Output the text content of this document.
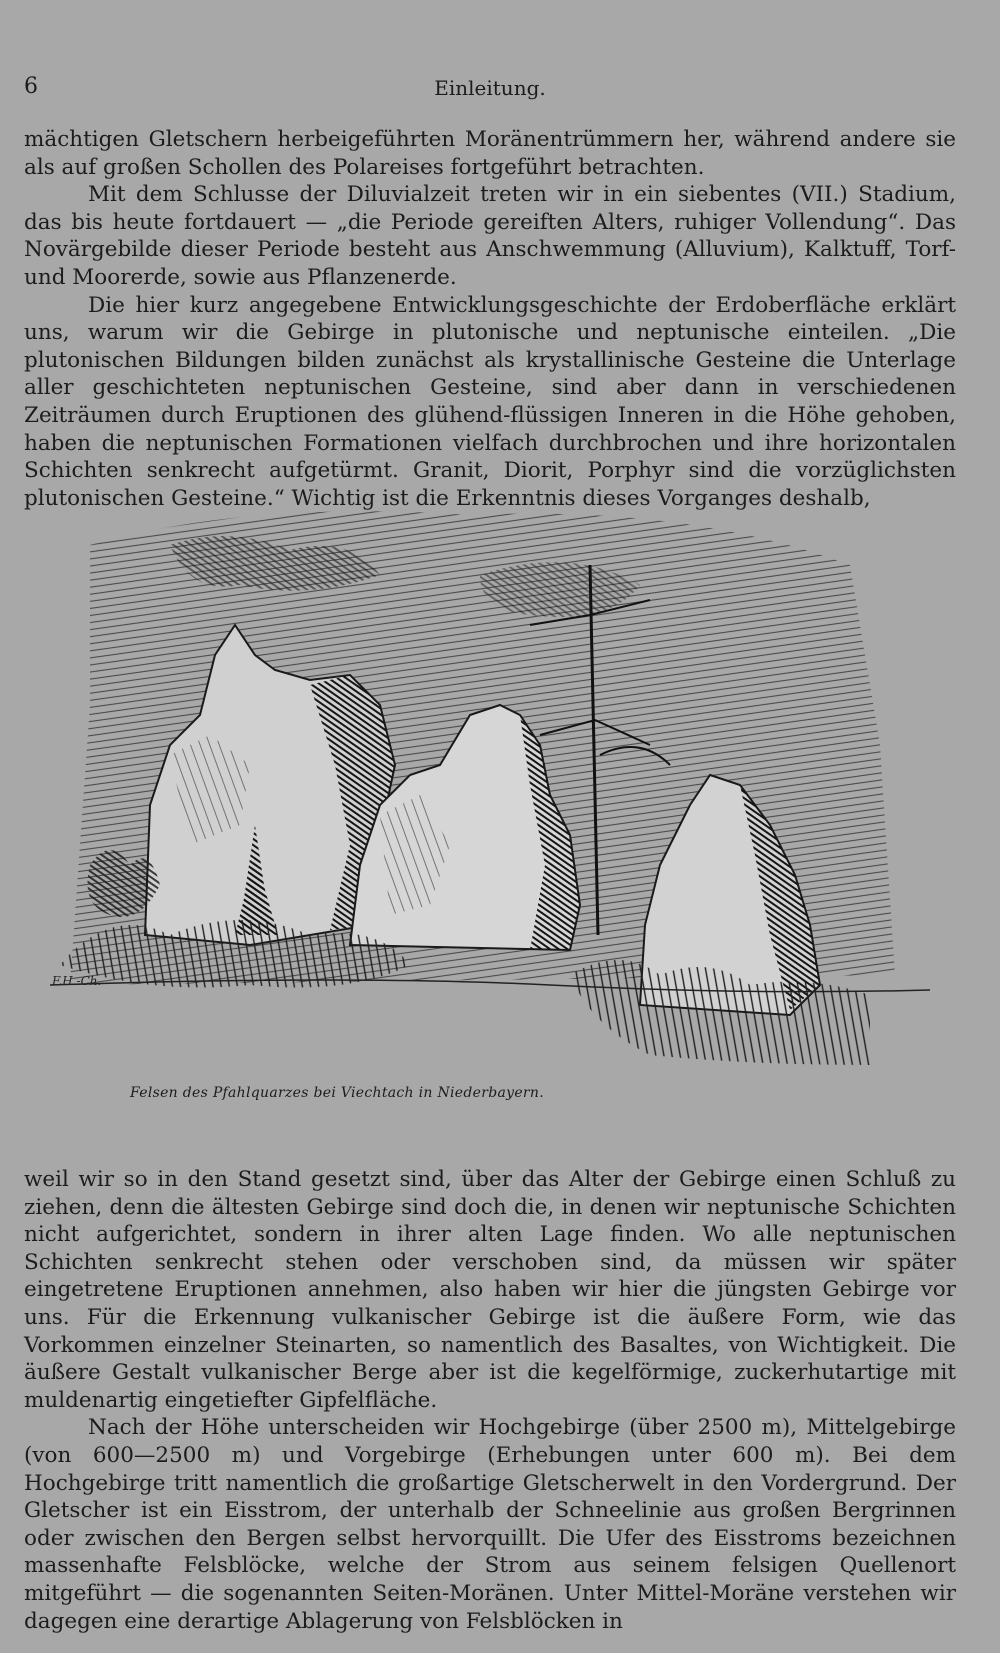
6	Einleitung.

mächtigen Gletschern herbeigeführten Moränentrümmern her, während andere sie als auf großen Schollen des Polareises fortgeführt betrachten.

Mit dem Schlusse der Diluvialzeit treten wir in ein siebentes (VII.) Stadium, das bis heute fortdauert — „die Periode gereiften Alters, ruhiger Vollendung“. Das Novärgebilde dieser Periode besteht aus Anschwemmung (Alluvium), Kalktuff, Torf- und Moorerde, sowie aus Pflanzenerde.

Die hier kurz angegebene Entwicklungsgeschichte der Erdoberfläche erklärt uns, warum wir die Gebirge in plutonische und neptunische einteilen. „Die plutonischen Bildungen bilden zunächst als krystallinische Gesteine die Unterlage aller geschichteten neptunischen Gesteine, sind aber dann in verschiedenen Zeiträumen durch Eruptionen des glühend-flüssigen Inneren in die Höhe gehoben, haben die neptunischen Formationen vielfach durchbrochen und ihre horizontalen Schichten senkrecht aufgetürmt. Granit, Diorit, Porphyr sind die vorzüglichsten plutonischen Gesteine.“ Wichtig ist die Erkenntnis dieses Vorganges deshalb,

F.H.-Ch.
Felsen des Pfahlquarzes bei Viechtach in Niederbayern.

weil wir so in den Stand gesetzt sind, über das Alter der Gebirge einen Schluß zu ziehen, denn die ältesten Gebirge sind doch die, in denen wir neptunische Schichten nicht aufgerichtet, sondern in ihrer alten Lage finden. Wo alle neptunischen Schichten senkrecht stehen oder verschoben sind, da müssen wir später eingetretene Eruptionen annehmen, also haben wir hier die jüngsten Gebirge vor uns. Für die Erkennung vulkanischer Gebirge ist die äußere Form, wie das Vorkommen einzelner Steinarten, so namentlich des Basaltes, von Wichtigkeit. Die äußere Gestalt vulkanischer Berge aber ist die kegelförmige, zuckerhutartige mit muldenartig eingetiefter Gipfelfläche.

Nach der Höhe unterscheiden wir Hochgebirge (über 2500 m), Mittelgebirge (von 600—2500 m) und Vorgebirge (Erhebungen unter 600 m). Bei dem Hochgebirge tritt namentlich die großartige Gletscherwelt in den Vordergrund. Der Gletscher ist ein Eisstrom, der unterhalb der Schneelinie aus großen Bergrinnen oder zwischen den Bergen selbst hervorquillt. Die Ufer des Eisstroms bezeichnen massenhafte Felsblöcke, welche der Strom aus seinem felsigen Quellenort mitgeführt — die sogenannten Seiten-Moränen. Unter Mittel-Moräne verstehen wir dagegen eine derartige Ablagerung von Felsblöcken in
